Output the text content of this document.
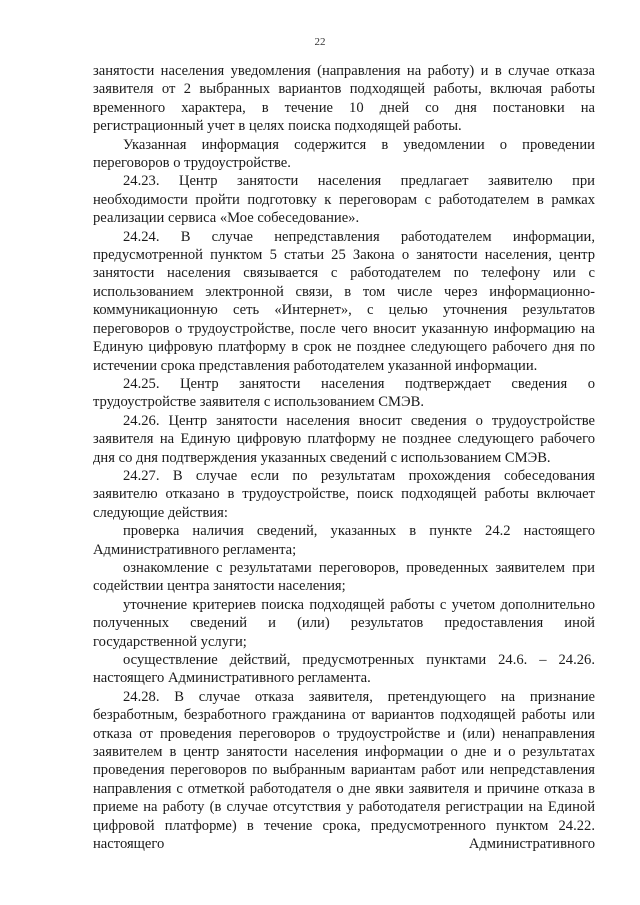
22

занятости населения уведомления (направления на работу) и в случае отказа заявителя от 2 выбранных вариантов подходящей работы, включая работы временного характера, в течение 10 дней со дня постановки на регистрационный учет в целях поиска подходящей работы.

Указанная информация содержится в уведомлении о проведении переговоров о трудоустройстве.

24.23. Центр занятости населения предлагает заявителю при необходимости пройти подготовку к переговорам с работодателем в рамках реализации сервиса «Мое собеседование».

24.24. В случае непредставления работодателем информации, предусмотренной пунктом 5 статьи 25 Закона о занятости населения, центр занятости населения связывается с работодателем по телефону или с использованием электронной связи, в том числе через информационно-коммуникационную сеть «Интернет», с целью уточнения результатов переговоров о трудоустройстве, после чего вносит указанную информацию на Единую цифровую платформу в срок не позднее следующего рабочего дня по истечении срока представления работодателем указанной информации.

24.25. Центр занятости населения подтверждает сведения о трудоустройстве заявителя с использованием СМЭВ.

24.26. Центр занятости населения вносит сведения о трудоустройстве заявителя на Единую цифровую платформу не позднее следующего рабочего дня со дня подтверждения указанных сведений с использованием СМЭВ.

24.27. В случае если по результатам прохождения собеседования заявителю отказано в трудоустройстве, поиск подходящей работы включает следующие действия:

проверка наличия сведений, указанных в пункте 24.2 настоящего Административного регламента;

ознакомление с результатами переговоров, проведенных заявителем при содействии центра занятости населения;

уточнение критериев поиска подходящей работы с учетом дополнительно полученных сведений и (или) результатов предоставления иной государственной услуги;

осуществление действий, предусмотренных пунктами 24.6. – 24.26. настоящего Административного регламента.

24.28. В случае отказа заявителя, претендующего на признание безработным, безработного гражданина от вариантов подходящей работы или отказа от проведения переговоров о трудоустройстве и (или) ненаправления заявителем в центр занятости населения информации о дне и о результатах проведения переговоров по выбранным вариантам работ или непредставления направления с отметкой работодателя о дне явки заявителя и причине отказа в приеме на работу (в случае отсутствия у работодателя регистрации на Единой цифровой платформе) в течение срока, предусмотренного пунктом 24.22. настоящего Административного
